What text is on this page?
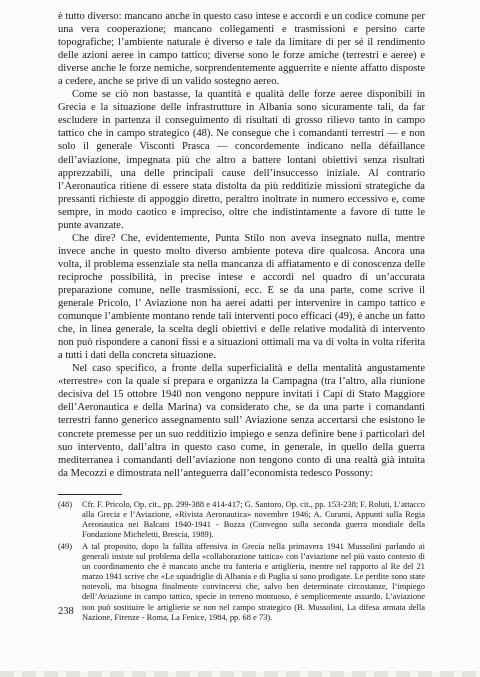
è tutto diverso: mancano anche in questo caso intese e accordi e un codice comune per una vera cooperazione; mancano collegamenti e trasmissioni e persino carte topografiche; l’ambiente naturale è diverso e tale da limitare di per sé il rendimento delle azioni aeree in campo tattico; diverse sono le forze amiche (terrestri e aeree) e diverse anche le forze nemiche, sorprendentemente agguerrite e niente affatto disposte a cedere, anche se prive di un valido sostegno aereo.

Come se ciò non bastasse, la quantità e qualità delle forze aeree disponibili in Grecia e la situazione delle infrastrutture in Albania sono sicuramente tali, da far escludere in partenza il conseguimento di risultati di grosso rilievo tanto in campo tattico che in campo strategico (48). Ne consegue che i comandanti terrestri — e non solo il generale Visconti Prasca — concordemente indicano nella défaillance dell’aviazione, impegnata più che altro a battere lontani obiettivi senza risultati apprezzabili, una delle principali cause dell’insuccesso iniziale. Al contrario l’Aeronautica ritiene di essere stata distolta da più redditizie missioni strategiche da pressanti richieste di appoggio diretto, peraltro inoltrate in numero eccessivo e, come sempre, in modo caotico e impreciso, oltre che indistintamente a favore di tutte le punte avanzate.

Che dire? Che, evidentemente, Punta Stilo non aveva insegnato nulla, mentre invece anche in questo molto diverso ambiente poteva dire qualcosa. Ancora una volta, il problema essenziale sta nella mancanza di affiatamento e di conoscenza delle reciproche possibilità, in precise intese e accordi nel quadro di un’accurata preparazione comune, nelle trasmissioni, ecc. E se da una parte, come scrive il generale Pricolo, l’ Aviazione non ha aerei adatti per intervenire in campo tattico e comunque l’ambiente montano rende tali interventi poco efficaci (49), è anche un fatto che, in linea generale, la scelta degli obiettivi e delle relative modalità di intervento non può rispondere a canoni fissi e a situazioni ottimali ma va di volta in volta riferita a tutti i dati della concreta situazione.

Nel caso specifico, a fronte della superficialità e della mentalità angustamente «terrestre» con la quale si prepara e organizza la Campagna (tra l’altro, alla riunione decisiva del 15 ottobre 1940 non vengono neppure invitati i Capi di Stato Maggiore dell’Aeronautica e della Marina) va considerato che, se da una parte i comandanti terrestri fanno generico assegnamento sull’ Aviazione senza accertarsi che esistono le concrete premesse per un suo redditizio impiego e senza definire bene i particolari del suo intervento, dall’altra in questo caso come, in generale, in quello della guerra mediterranea i comandanti dell’aviazione non tengono conto di una realtà già intuita da Mecozzi e dimostrata nell’anteguerra dall’economista tedesco Possony:

(48)	Cfr. F. Pricolo, Op. cit., pp. 299-388 e 414-417; G. Santoro, Op. cit., pp. 153-238; F. Roluti, L’attacco alla Grecia e l’Aviazione, «Rivista Aeronautica» novembre 1946; A. Curami, Appunti sulla Regia Aeronautica nei Balcani 1940-1941 - Bozza (Convegno sulla seconda guerra mondiale della Fondazione Micheletti, Brescia, 1989).
(49)	A tal proposito, dopo la fallita offensiva in Grecia nella primavera 1941 Mussolini parlando ai generali insiste sul problema della «collaborazione tattica» con l’aviazione nel più vasto contesto di un coordinamento che è mancato anche tra fanteria e artiglieria, mentre nel rapporto al Re del 21 marzo 1941 scrive che «Le squadriglie di Albania e di Puglia si sono prodigate. Le perdite sono state notevoli, ma bisogna finalmente convincersi che, salvo ben determinate circostanze, l’impiego dell’Aviazione in campo tattico, specie in terreno montuoso, è semplicemente assurdo. L’aviazione non può sostituire le artiglierie se non nel campo strategico (B. Mussolini, La difesa armata della Nazione, Firenze - Roma, La Fenice, 1984, pp. 68 e 73).
238
